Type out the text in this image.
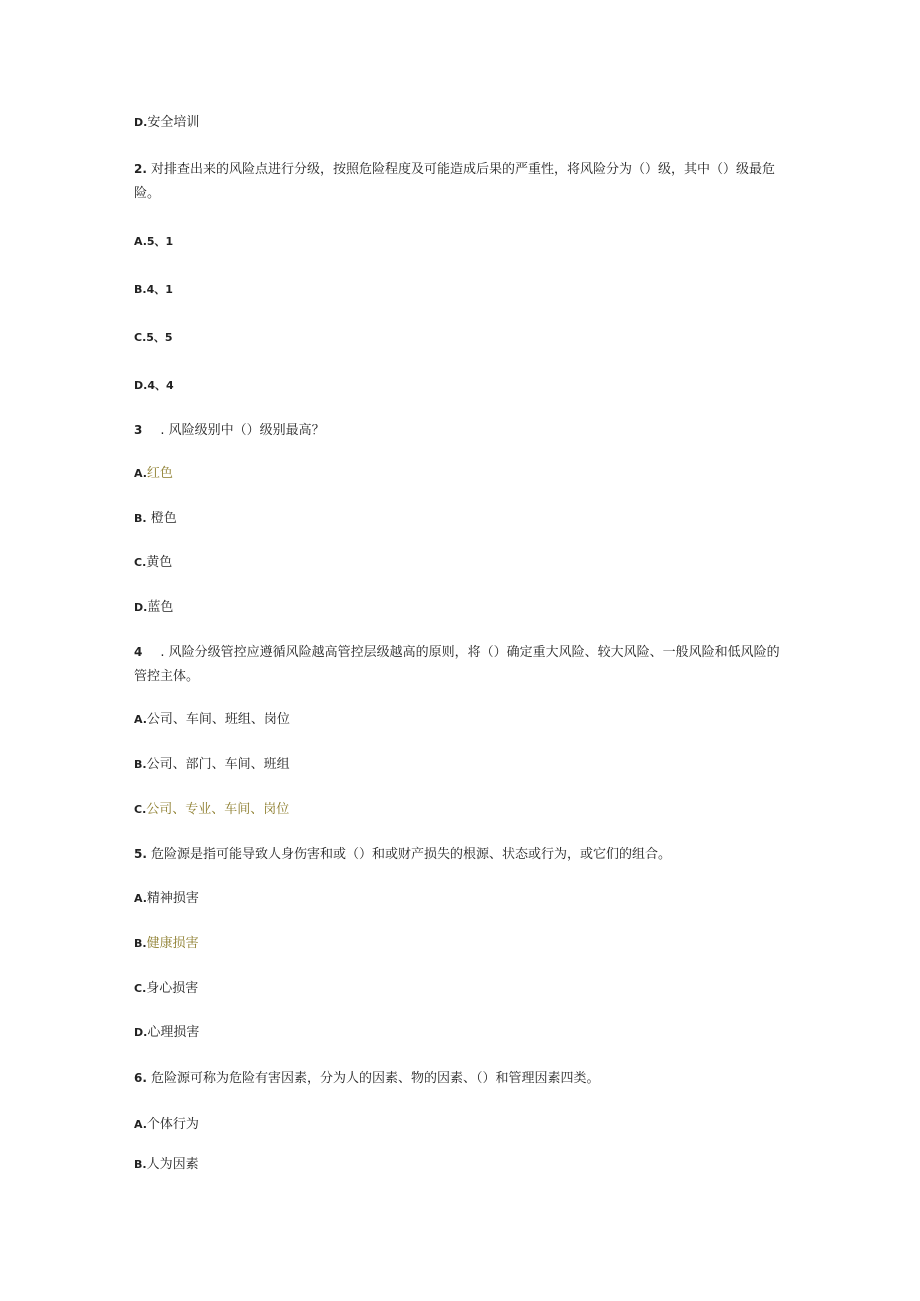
D.安全培训
2. 对排查出来的风险点进行分级，按照危险程度及可能造成后果的严重性，将风险分为（）级，其中（）级最危险。
A.5、1
B.4、1
C.5、5
D.4、4
3 . 风险级别中（）级别最高？
A.红色
B. 橙色
C.黄色
D.蓝色
4 . 风险分级管控应遵循风险越高管控层级越高的原则，将（）确定重大风险、较大风险、一般风险和低风险的管控主体。
A.公司、车间、班组、岗位
B.公司、部门、车间、班组
C.公司、专业、车间、岗位
5. 危险源是指可能导致人身伤害和或（）和或财产损失的根源、状态或行为，或它们的组合。
A.精神损害
B.健康损害
C.身心损害
D.心理损害
6. 危险源可称为危险有害因素，分为人的因素、物的因素、（）和管理因素四类。
A.个体行为
B.人为因素
